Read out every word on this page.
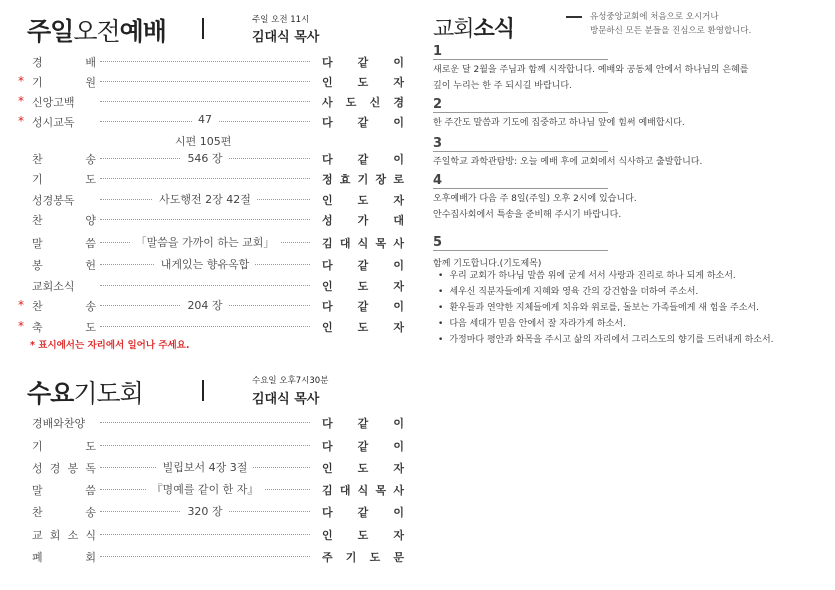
주일오전예배	주일 오전 11시
김대식 목사
경	배	다 같 이
* 기	원	인 도 자
* 신앙고백	사 도 신 경
* 성시교독	47	다 같 이
찬	송	546 장	다 같 이
기	도	정 효 기 장 로
성경봉독	사도행전 2장 42절	인 도 자
찬	양	성 가 대
말	씀	「말씀을 가까이 하는 교회」	김 대 식 목 사
봉	헌	내게있는 향유옥합	다 같 이
교회소식	인 도 자
* 찬	송	204 장	다 같 이
* 축	도	인 도 자
시편 105편
* 표시에서는 자리에서 일어나 주세요.
수요기도회	수요일 오후7시30분
김대식 목사
경배와찬양	다 같 이
기	도	다 같 이
성 경 봉 독	빌립보서 4장 3절	인 도 자
말	씀	『명예를 같이 한 자』	김 대 식 목 사
찬	송	320 장	다 같 이
교 회 소 식	인 도 자
폐	회	주 기 도 문
교회소식	유성중앙교회에 처음으로 오시거나
방문하신 모든 분들을 진심으로 환영합니다.
1
새로운 달 2월을 주님과 함께 시작합니다. 예배와 공동체 안에서 하나님의 은혜를
깊이 누리는 한 주 되시길 바랍니다.
2
한 주간도 말씀과 기도에 집중하고 하나님 앞에 힘써 예배합시다.
3
주일학교 과학관탐방: 오늘 예배 후에 교회에서 식사하고 출발합니다.
4
오후예배가 다음 주 8일(주일) 오후 2시에 있습니다.
안수집사회에서 특송을 준비해 주시기 바랍니다.
5
함께 기도합니다.(기도제목)
• 우리 교회가 하나님 말씀 위에 굳게 서서 사랑과 진리로 하나 되게 하소서.
• 세우신 직분자들에게 지혜와 영육 간의 강건함을 더하여 주소서.
• 환우들과 연약한 지체들에게 치유와 위로를, 돌보는 가족들에게 새 힘을 주소서.
• 다음 세대가 믿음 안에서 잘 자라가게 하소서.
• 가정마다 평안과 화목을 주시고 삶의 자리에서 그리스도의 향기를 드러내게 하소서.
